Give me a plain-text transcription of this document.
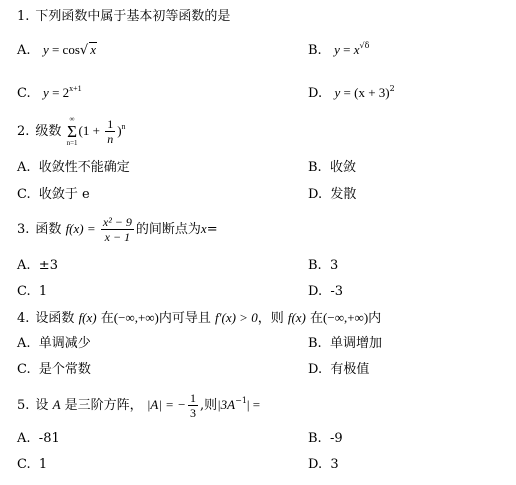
1. 下列函数中属于基本初等函数的是
A. y = cos√ x	B. $y = x^{√\delta}$
C. $y = 2^{x+1}$	D. $y = (x + 3)^2$
2. 级数
∞
Σ
n=1
$(1 + \frac{1}{n} )^n$
A. 收敛性不能确定	B. 收敛
C. 收敛于 e	D. 发散
3. 函数 $f(x) = \frac{\text{x² − 9}}{x - 1}$ 的间断点为x=
A. ±3	B. 3
C. 1	D. -3
4. 设函数 f(x) 在(−∞,+∞)内可导且 f′(x) > 0，则 f(x) 在(−∞,+∞)内
A. 单调减少	B. 单调增加
C. 是个常数	D. 有极值
5. 设 A 是三阶方阵， |A| = − $\frac{1}{3}$ ,则$|3A^{-1}|$ =
A. -81	B. -9
C. 1	D. 3
